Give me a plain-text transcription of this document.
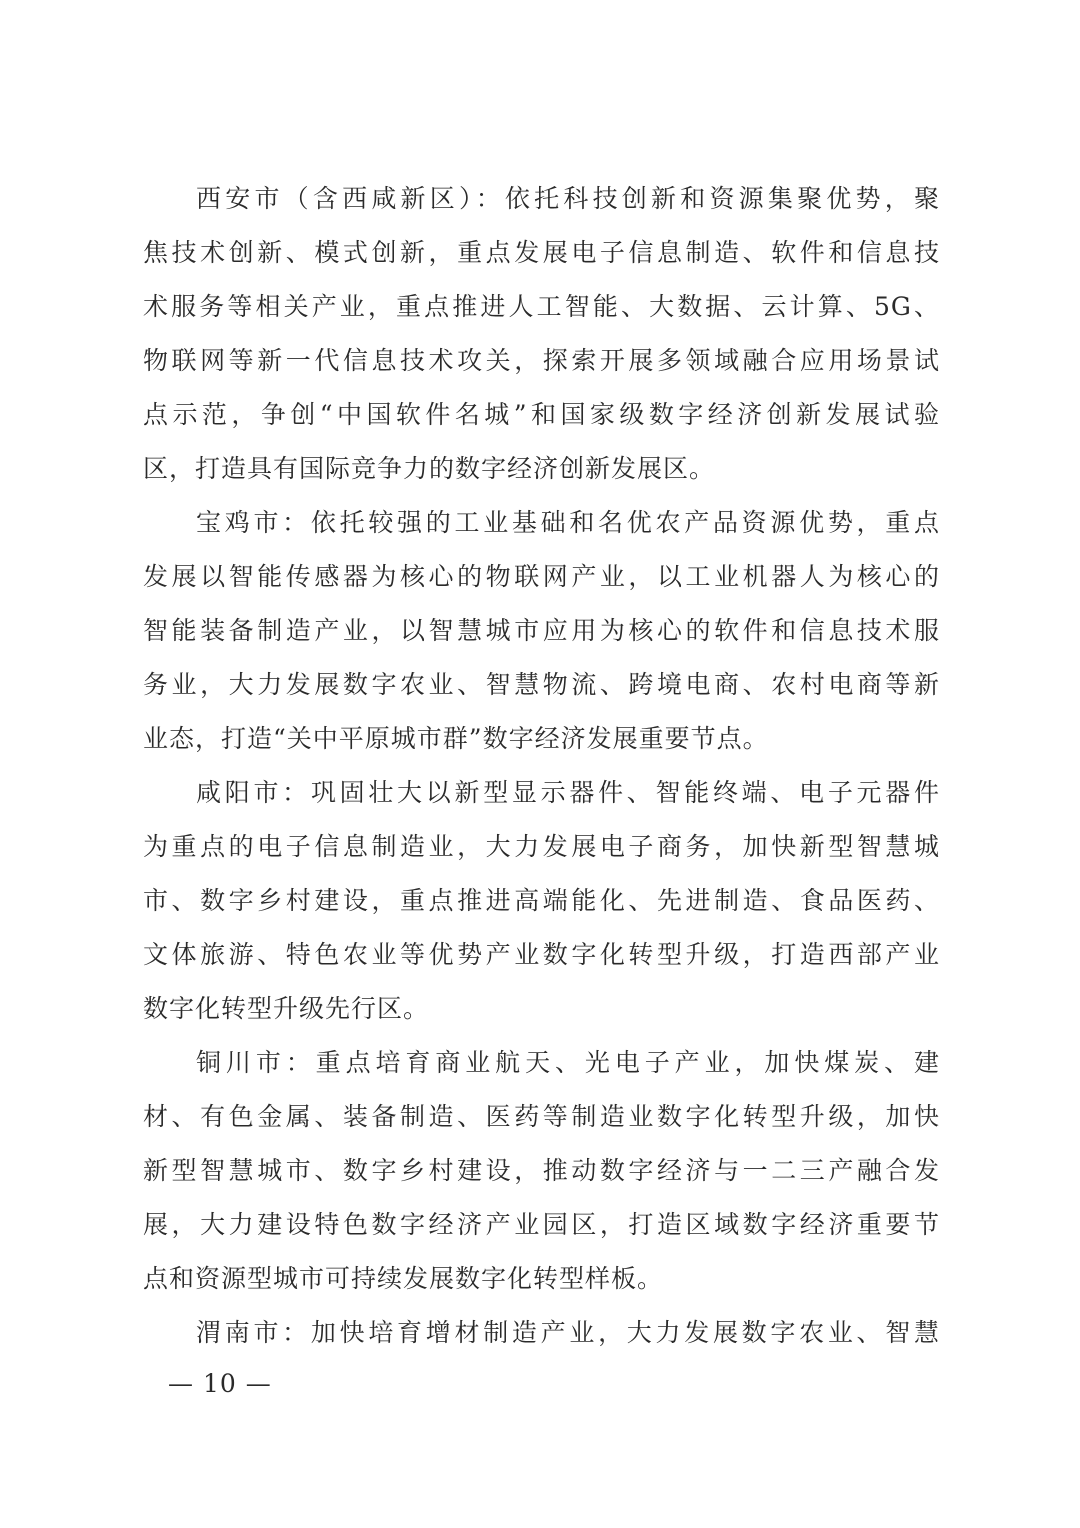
西安市（含西咸新区）：依托科技创新和资源集聚优势，聚
焦技术创新、模式创新，重点发展电子信息制造、软件和信息技
术服务等相关产业，重点推进人工智能、大数据、云计算、5G、
物联网等新一代信息技术攻关，探索开展多领域融合应用场景试
点示范，争创“中国软件名城”和国家级数字经济创新发展试验
区，打造具有国际竞争力的数字经济创新发展区。
宝鸡市：依托较强的工业基础和名优农产品资源优势，重点
发展以智能传感器为核心的物联网产业，以工业机器人为核心的
智能装备制造产业，以智慧城市应用为核心的软件和信息技术服
务业，大力发展数字农业、智慧物流、跨境电商、农村电商等新
业态，打造“关中平原城市群”数字经济发展重要节点。
咸阳市：巩固壮大以新型显示器件、智能终端、电子元器件
为重点的电子信息制造业，大力发展电子商务，加快新型智慧城
市、数字乡村建设，重点推进高端能化、先进制造、食品医药、
文体旅游、特色农业等优势产业数字化转型升级，打造西部产业
数字化转型升级先行区。
铜川市：重点培育商业航天、光电子产业，加快煤炭、建
材、有色金属、装备制造、医药等制造业数字化转型升级，加快
新型智慧城市、数字乡村建设，推动数字经济与一二三产融合发
展，大力建设特色数字经济产业园区，打造区域数字经济重要节
点和资源型城市可持续发展数字化转型样板。
渭南市：加快培育增材制造产业，大力发展数字农业、智慧
— 10 —
